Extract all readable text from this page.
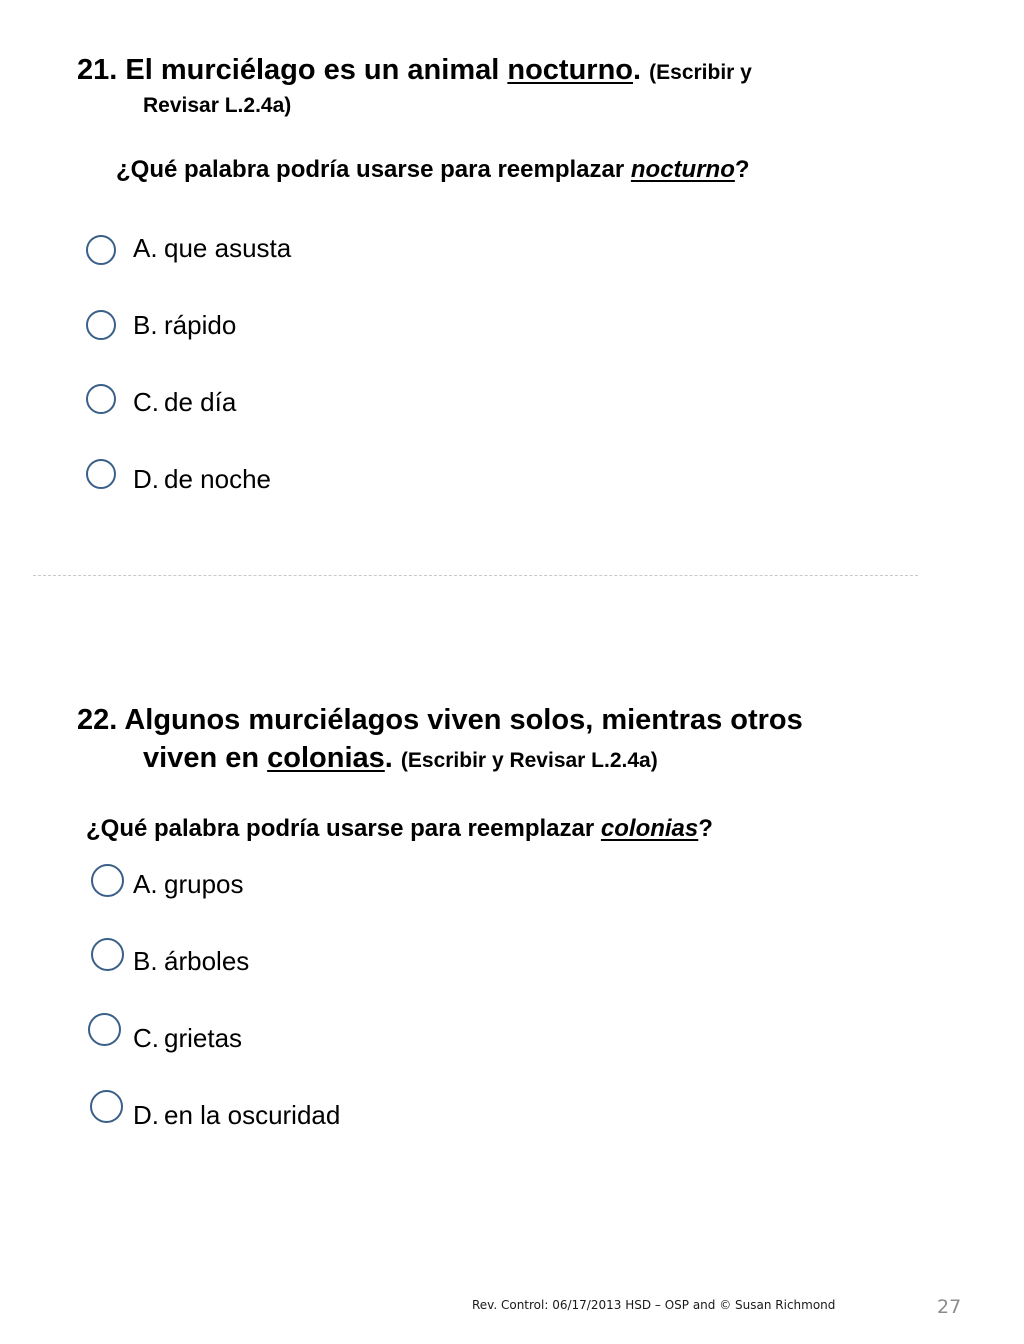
21. El murciélago es un animal nocturno. (Escribir y
Revisar L.2.4a)

¿Qué palabra podría usarse para reemplazar nocturno?

A. que asusta
B. rápido
C. de día
D. de noche

22. Algunos murciélagos viven solos, mientras otros
viven en colonias. (Escribir y Revisar L.2.4a)

¿Qué palabra podría usarse para reemplazar colonias?

A. grupos
B. árboles
C. grietas
D. en la oscuridad
Rev. Control: 06/17/2013 HSD – OSP and © Susan Richmond	27
